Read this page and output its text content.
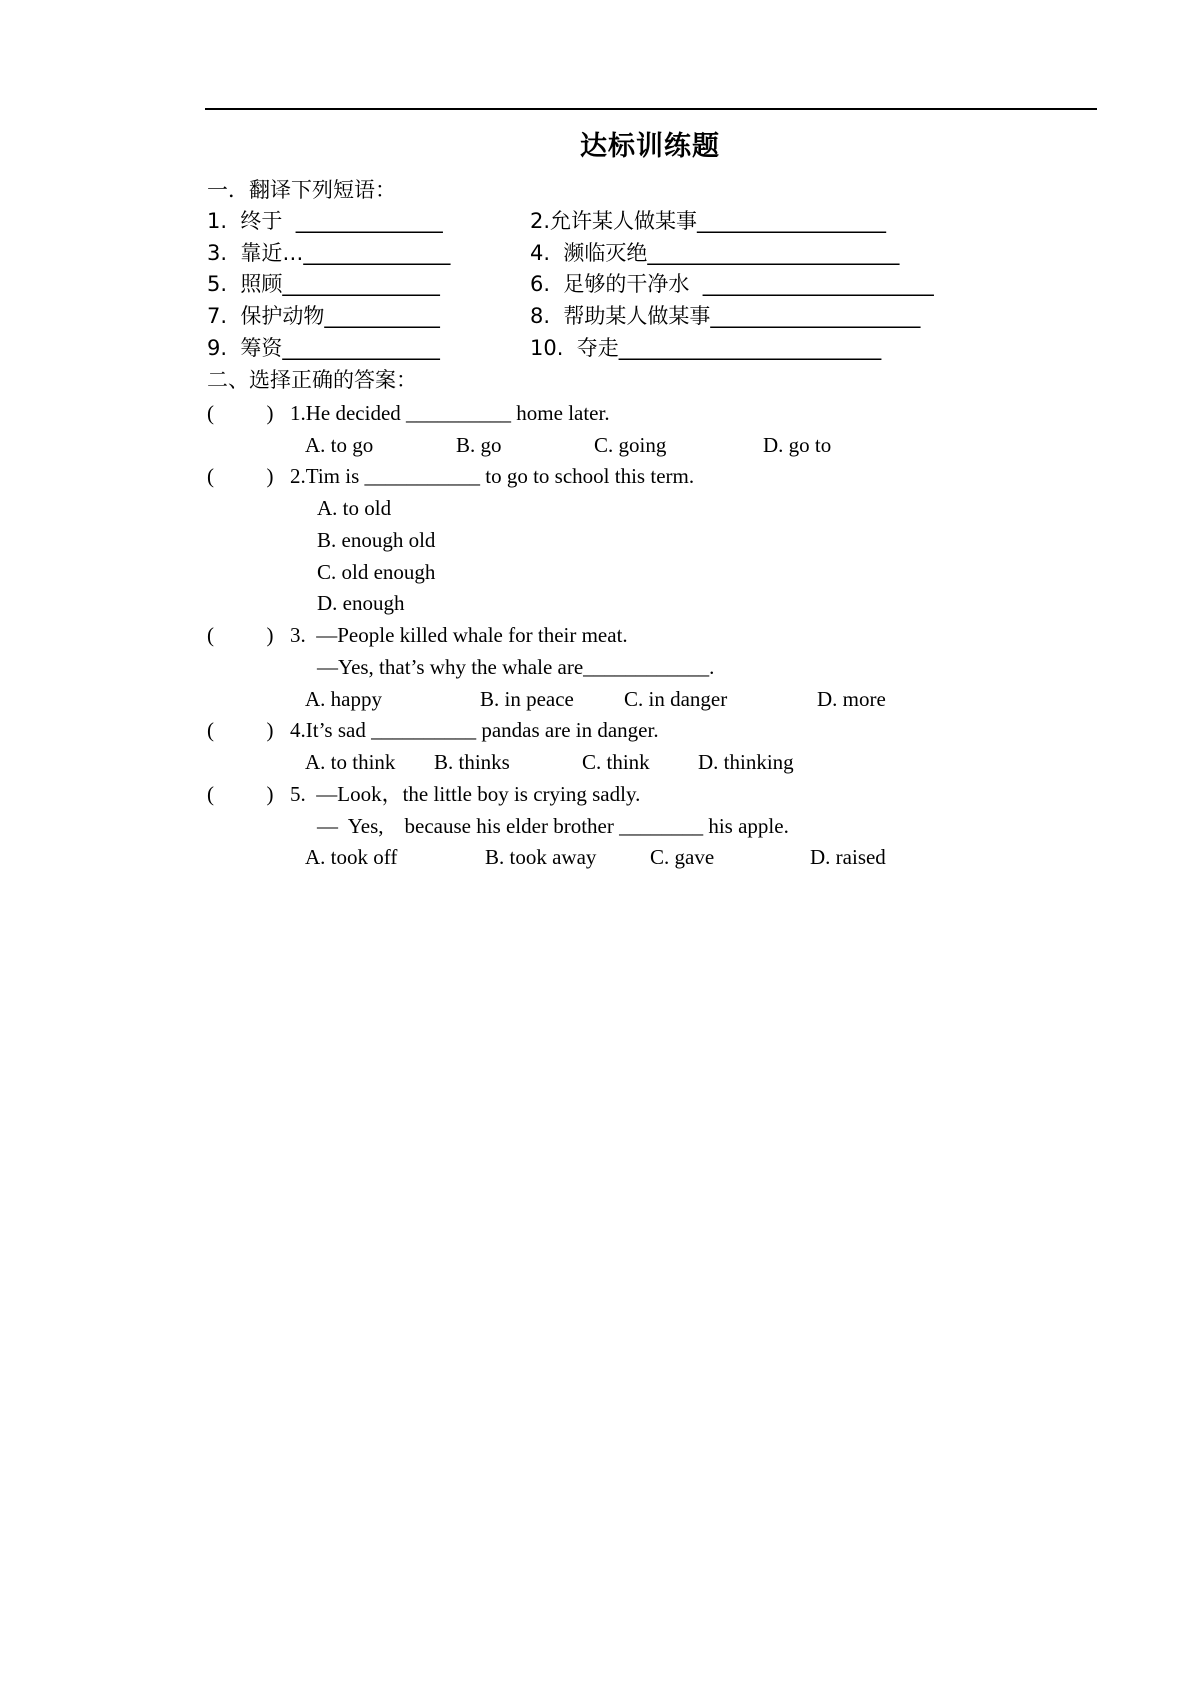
达标训练题
一．翻译下列短语：
1.  终于  ______________	2.允许某人做某事__________________
3.  靠近…______________	4.  濒临灭绝________________________
5.  照顾_______________	6.  足够的干净水  ______________________
7.  保护动物___________	8.  帮助某人做某事____________________
9.  筹资_______________	10.  夺走_________________________
二、选择正确的答案：
(          ) 1.He decided __________ home later.
A. to go	B. go	C. going	D. go to
(          ) 2.Tim is ___________ to go to school this term.
A. to old
B. enough old
C. old enough
D. enough
(          ) 3.  —People killed whale for their meat.
—Yes, that’s why the whale are____________.
A. happy	B. in peace C. in danger	D. more
(          ) 4.It’s sad __________ pandas are in danger.
A. to think B. thinks	C. think D. thinking
(          ) 5.  —Look，the little boy is crying sadly.
—  Yes,    because his elder brother ________ his apple.
A. took off	B. took away	C. gave	D. raised
